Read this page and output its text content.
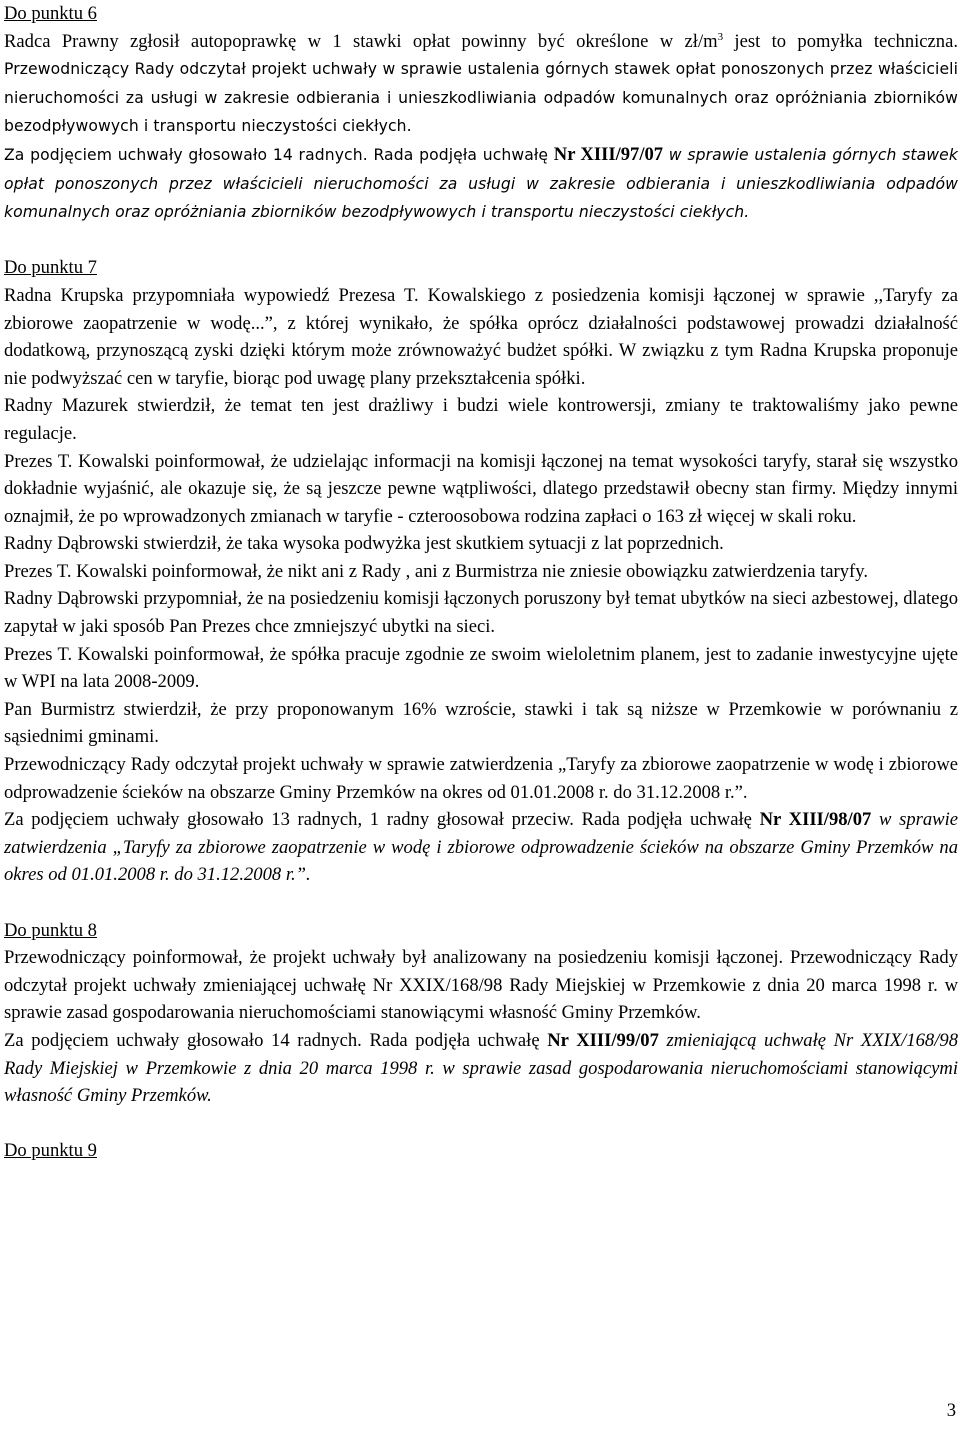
Do punktu 6

Radca Prawny zgłosił autopoprawkę w 1 stawki opłat powinny być określone w $zł/m^3$ jest to pomyłka techniczna. Przewodniczący Rady odczytał projekt uchwały w sprawie ustalenia górnych stawek opłat ponoszonych przez właścicieli nieruchomości za usługi w zakresie odbierania i unieszkodliwiania odpadów komunalnych oraz opróżniania zbiorników bezodpływowych i transportu nieczystości ciekłych.

Za podjęciem uchwały głosowało 14 radnych. Rada podjęła uchwałę Nr XIII/97/07 w sprawie ustalenia górnych stawek opłat ponoszonych przez właścicieli nieruchomości za usługi w zakresie odbierania i unieszkodliwiania odpadów komunalnych oraz opróżniania zbiorników bezodpływowych i transportu nieczystości ciekłych.

Do punktu 7

Radna Krupska przypomniała wypowiedź Prezesa T. Kowalskiego z posiedzenia komisji łączonej w sprawie ,,Taryfy za zbiorowe zaopatrzenie w wodę...”, z której wynikało, że spółka oprócz działalności podstawowej prowadzi działalność dodatkową, przynoszącą zyski dzięki którym może zrównoważyć budżet spółki. W związku z tym Radna Krupska proponuje nie podwyższać cen w taryfie, biorąc pod uwagę plany przekształcenia spółki.

Radny Mazurek stwierdził, że temat ten jest drażliwy i budzi wiele kontrowersji, zmiany te traktowaliśmy jako pewne regulacje.

Prezes T. Kowalski poinformował, że udzielając informacji na komisji łączonej na temat wysokości taryfy, starał się wszystko dokładnie wyjaśnić, ale okazuje się, że są jeszcze pewne wątpliwości, dlatego przedstawił obecny stan firmy. Między innymi oznajmił, że po wprowadzonych zmianach w taryfie - czteroosobowa rodzina zapłaci o 163 zł więcej w skali roku.

Radny Dąbrowski stwierdził, że taka wysoka podwyżka jest skutkiem sytuacji z lat poprzednich.

Prezes T. Kowalski poinformował, że nikt ani z Rady , ani z Burmistrza nie zniesie obowiązku zatwierdzenia taryfy.

Radny Dąbrowski przypomniał, że na posiedzeniu komisji łączonych poruszony był temat ubytków na sieci azbestowej, dlatego zapytał w jaki sposób Pan Prezes chce zmniejszyć ubytki na sieci.

Prezes T. Kowalski poinformował, że spółka pracuje zgodnie ze swoim wieloletnim planem, jest to zadanie inwestycyjne ujęte w WPI na lata 2008-2009.

Pan Burmistrz stwierdził, że przy proponowanym 16% wzroście, stawki i tak są niższe w Przemkowie w porównaniu z sąsiednimi gminami.

Przewodniczący Rady odczytał projekt uchwały w sprawie zatwierdzenia „Taryfy za zbiorowe zaopatrzenie w wodę i zbiorowe odprowadzenie ścieków na obszarze Gminy Przemków na okres od 01.01.2008 r. do 31.12.2008 r.”.

Za podjęciem uchwały głosowało 13 radnych, 1 radny głosował przeciw. Rada podjęła uchwałę Nr XIII/98/07 w sprawie zatwierdzenia „Taryfy za zbiorowe zaopatrzenie w wodę i zbiorowe odprowadzenie ścieków na obszarze Gminy Przemków na okres od 01.01.2008 r. do 31.12.2008 r.”.

Do punktu 8

Przewodniczący poinformował, że projekt uchwały był analizowany na posiedzeniu komisji łączonej. Przewodniczący Rady odczytał projekt uchwały zmieniającej uchwałę Nr XXIX/168/98 Rady Miejskiej w Przemkowie z dnia 20 marca 1998 r. w sprawie zasad gospodarowania nieruchomościami stanowiącymi własność Gminy Przemków.

Za podjęciem uchwały głosowało 14 radnych. Rada podjęła uchwałę Nr XIII/99/07 zmieniającą uchwałę Nr XXIX/168/98 Rady Miejskiej w Przemkowie z dnia 20 marca 1998 r. w sprawie zasad gospodarowania nieruchomościami stanowiącymi własność Gminy Przemków.

Do punktu 9
3
